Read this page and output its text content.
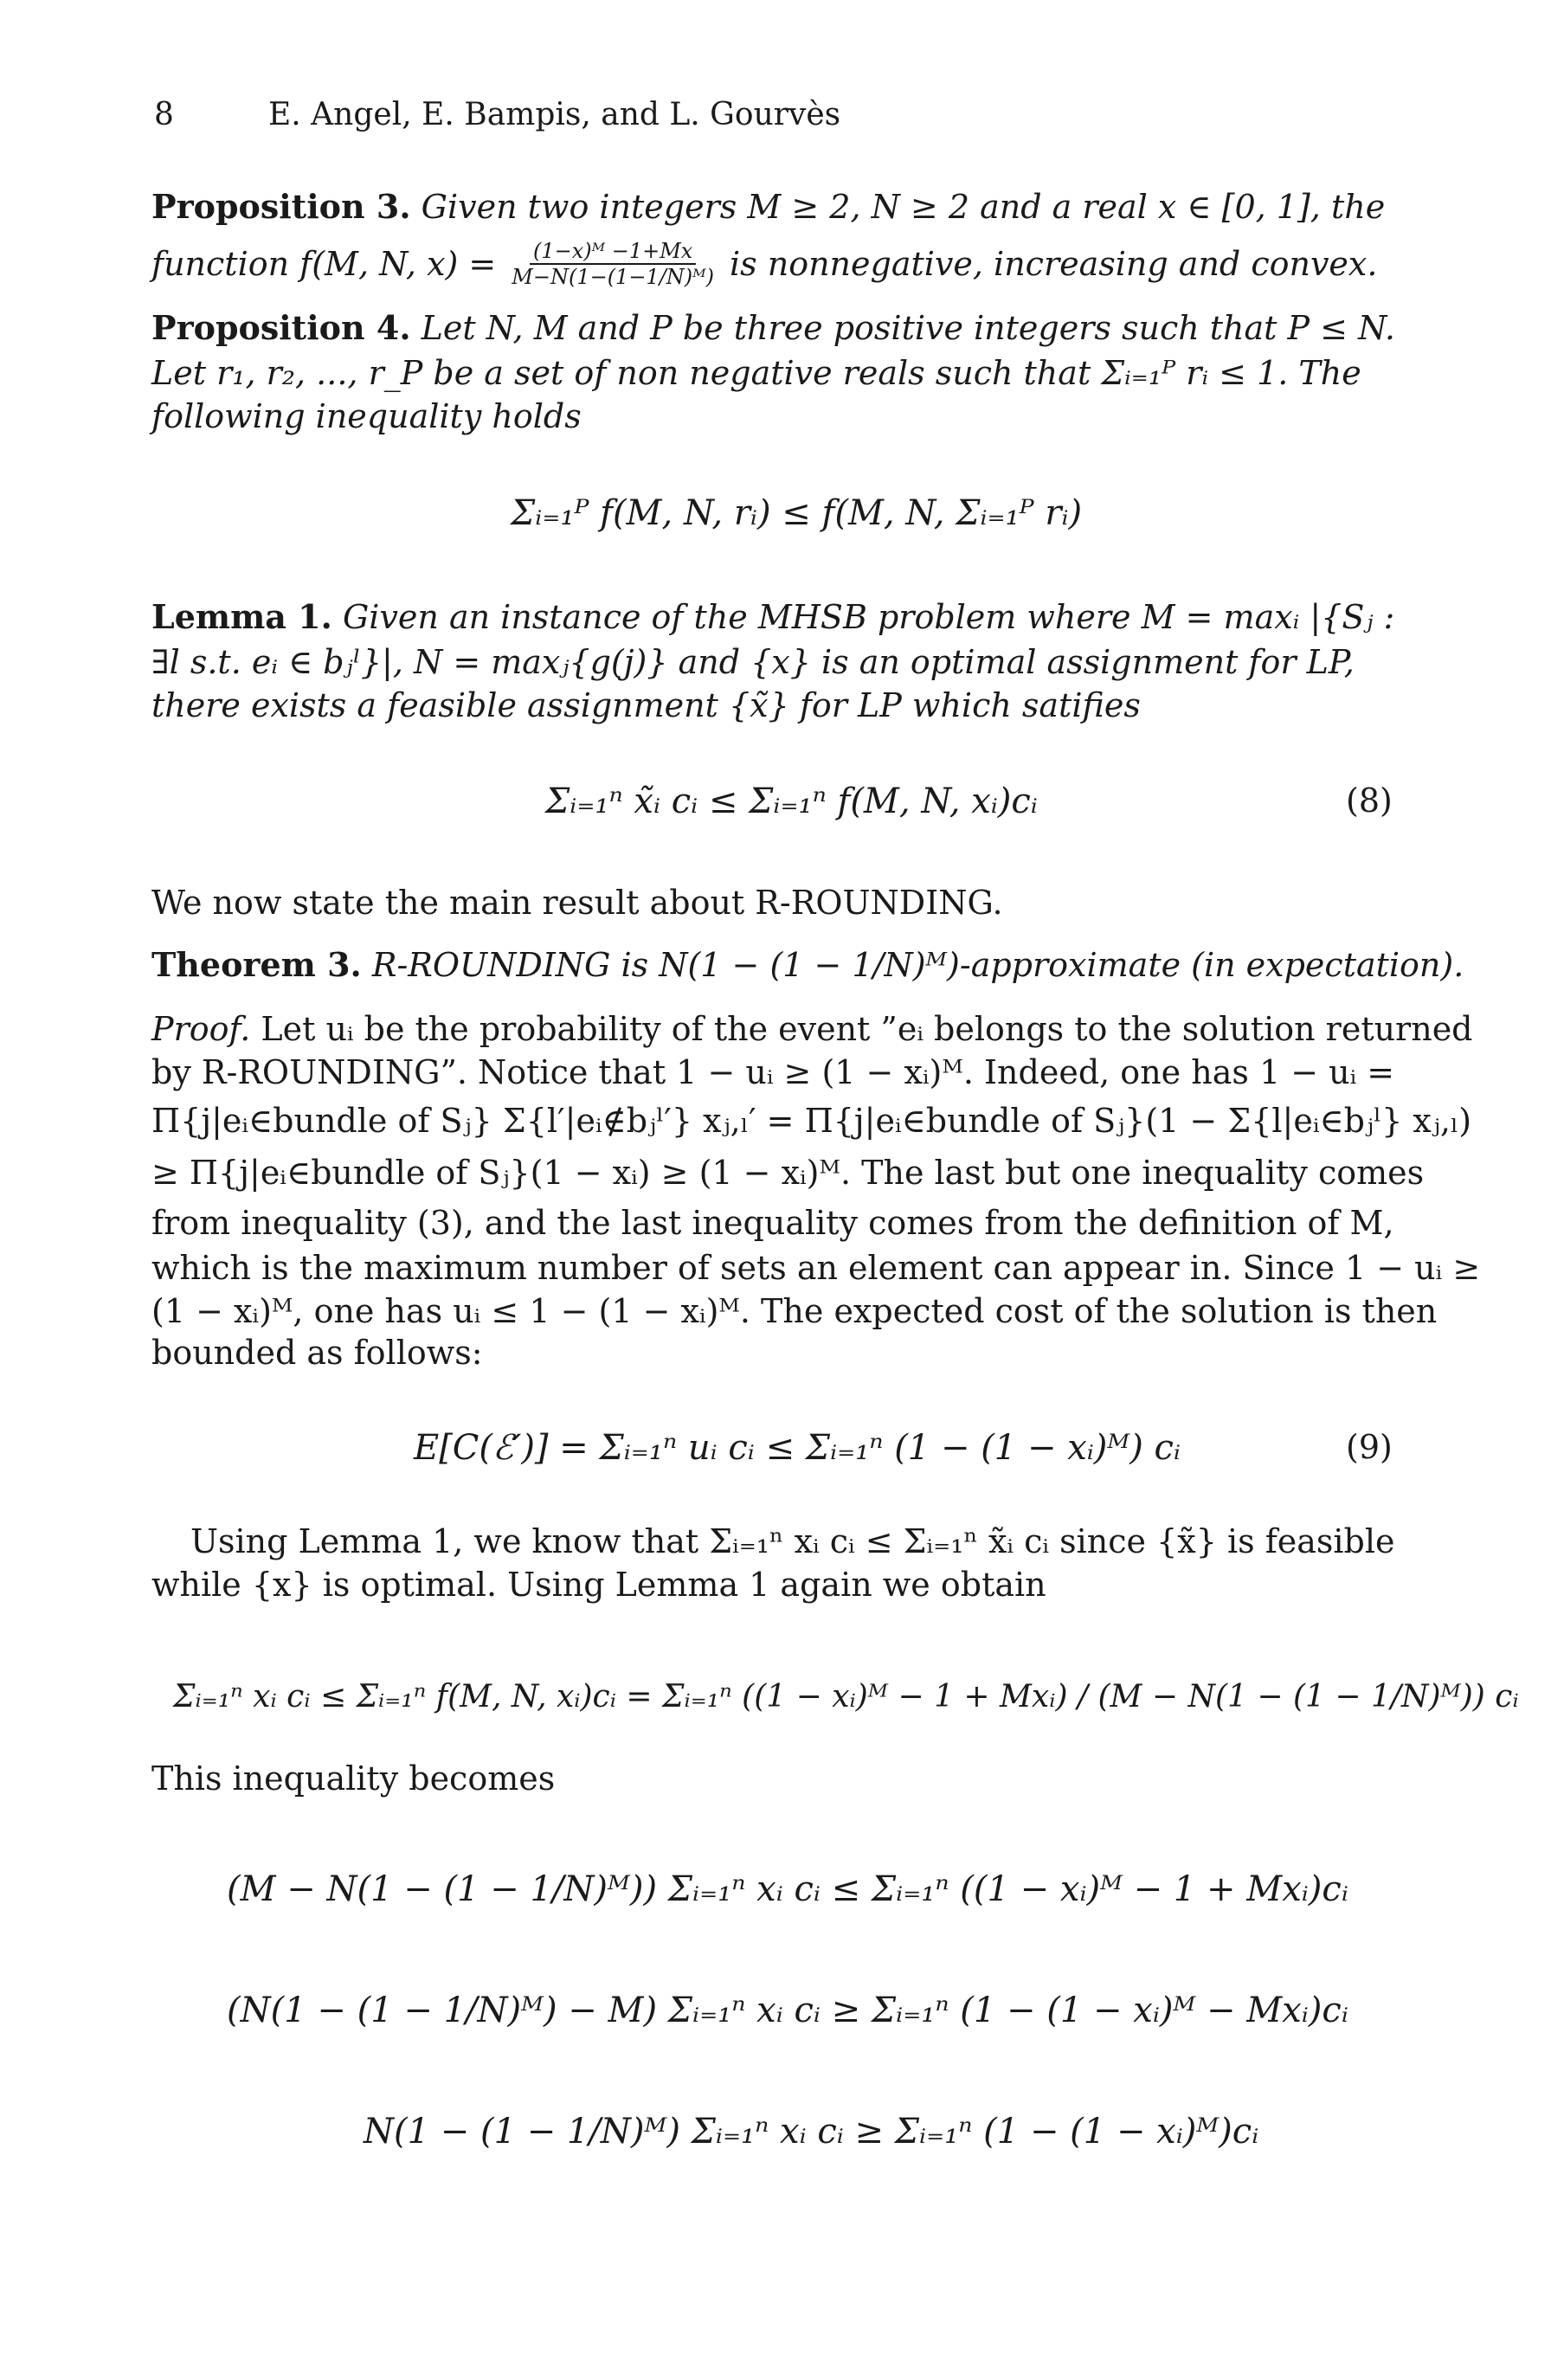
8	E. Angel, E. Bampis, and L. Gourvès
Proposition 3. Given two integers M ≥ 2, N ≥ 2 and a real x ∈ [0, 1], the
function f(M, N, $x) = \frac{\text{(1−x)ᴹ −1+Mx}}{\text{M−N(1−(1−1/N)ᴹ)}}$ is nonnegative, increasing and convex.
Proposition 4. Let N, M and P be three positive integers such that P ≤ N.
Let r₁, r₂, ..., r_P be a set of non negative reals such that Σᵢ₌₁ᴾ rᵢ ≤ 1. The
following inequality holds
Σᵢ₌₁ᴾ f(M, N, rᵢ) ≤ f(M, N, Σᵢ₌₁ᴾ rᵢ)
Lemma 1. Given an instance of the MHSB problem where M = maxᵢ |{Sⱼ :
∃l s.t. eᵢ ∈ bⱼˡ}|, N = maxⱼ{g(j)} and {x} is an optimal assignment for LP,
there exists a feasible assignment {x̃} for LP which satifies
Σᵢ₌₁ⁿ x̃ᵢ cᵢ ≤ Σᵢ₌₁ⁿ f(M, N, xᵢ)cᵢ	(8)
We now state the main result about R-ROUNDING.
Theorem 3. R-ROUNDING is N(1 − (1 − 1/N)ᴹ)-approximate (in expectation).
Proof. Let uᵢ be the probability of the event ”eᵢ belongs to the solution returned
by R-ROUNDING”. Notice that 1 − uᵢ ≥ (1 − xᵢ)ᴹ. Indeed, one has 1 − uᵢ =
Π{j|eᵢ∈bundle of Sⱼ} Σ{l′|eᵢ∉bⱼˡ′} xⱼ,ₗ′ = Π{j|eᵢ∈bundle of Sⱼ}(1 − Σ{l|eᵢ∈bⱼˡ} xⱼ,ₗ)
≥ Π{j|eᵢ∈bundle of Sⱼ}(1 − xᵢ) ≥ (1 − xᵢ)ᴹ. The last but one inequality comes
from inequality (3), and the last inequality comes from the definition of M,
which is the maximum number of sets an element can appear in. Since 1 − uᵢ ≥
(1 − xᵢ)ᴹ, one has uᵢ ≤ 1 − (1 − xᵢ)ᴹ. The expected cost of the solution is then
bounded as follows:
E[C(ℰ′)] = Σᵢ₌₁ⁿ uᵢ cᵢ ≤ Σᵢ₌₁ⁿ (1 − (1 − xᵢ)ᴹ) cᵢ	(9)
Using Lemma 1, we know that Σᵢ₌₁ⁿ xᵢ cᵢ ≤ Σᵢ₌₁ⁿ x̃ᵢ cᵢ since {x̃} is feasible
while {x} is optimal. Using Lemma 1 again we obtain
Σᵢ₌₁ⁿ xᵢ cᵢ ≤ Σᵢ₌₁ⁿ f(M, N, xᵢ)cᵢ = Σᵢ₌₁ⁿ ((1 − xᵢ)ᴹ − 1 + Mxᵢ) / (M − N(1 − (1 − 1/N)ᴹ)) cᵢ
This inequality becomes
(M − N(1 − (1 − 1/N)ᴹ)) Σᵢ₌₁ⁿ xᵢ cᵢ ≤ Σᵢ₌₁ⁿ ((1 − xᵢ)ᴹ − 1 + Mxᵢ)cᵢ
(N(1 − (1 − 1/N)ᴹ) − M) Σᵢ₌₁ⁿ xᵢ cᵢ ≥ Σᵢ₌₁ⁿ (1 − (1 − xᵢ)ᴹ − Mxᵢ)cᵢ
N(1 − (1 − 1/N)ᴹ) Σᵢ₌₁ⁿ xᵢ cᵢ ≥ Σᵢ₌₁ⁿ (1 − (1 − xᵢ)ᴹ)cᵢ
